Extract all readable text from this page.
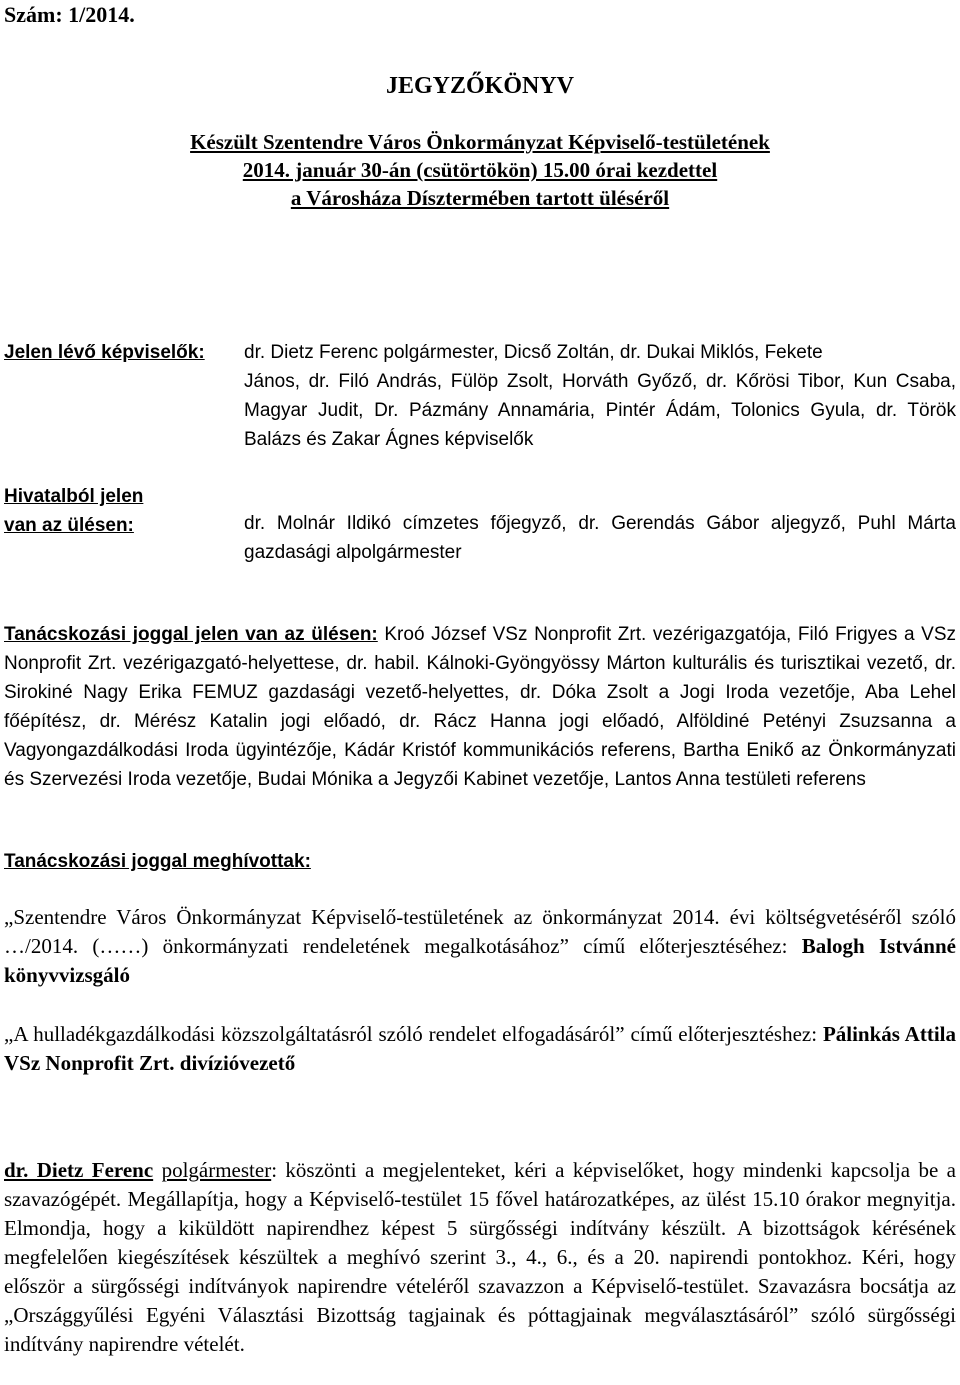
Szám: 1/2014.
JEGYZŐKÖNYV
Készült Szentendre Város Önkormányzat Képviselő-testületének
2014. január 30-án (csütörtökön) 15.00 órai kezdettel
a Városháza Dísztermében tartott üléséről
Jelen lévő képviselők: dr. Dietz Ferenc polgármester, Dicső Zoltán, dr. Dukai Miklós, Fekete
János, dr. Filó András, Fülöp Zsolt, Horváth Győző, dr. Kőrösi Tibor, Kun Csaba, Magyar Judit, Dr. Pázmány Annamária, Pintér Ádám, Tolonics Gyula, dr. Török Balázs és Zakar Ágnes képviselők
Hivatalból jelen
van az ülésen:	dr. Molnár Ildikó címzetes főjegyző, dr. Gerendás Gábor aljegyző, Puhl Márta gazdasági alpolgármester
Tanácskozási joggal jelen van az ülésen: Kroó József VSz Nonprofit Zrt. vezérigazgatója, Filó Frigyes a VSz Nonprofit Zrt. vezérigazgató-helyettese, dr. habil. Kálnoki-Gyöngyössy Márton kulturális és turisztikai vezető, dr. Sirokiné Nagy Erika FEMUZ gazdasági vezető-helyettes, dr. Dóka Zsolt a Jogi Iroda vezetője, Aba Lehel főépítész, dr. Mérész Katalin jogi előadó, dr. Rácz Hanna jogi előadó, Alföldiné Petényi Zsuzsanna a Vagyongazdálkodási Iroda ügyintézője, Kádár Kristóf kommunikációs referens, Bartha Enikő az Önkormányzati és Szervezési Iroda vezetője, Budai Mónika a Jegyzői Kabinet vezetője, Lantos Anna testületi referens
Tanácskozási joggal meghívottak:
„Szentendre Város Önkormányzat Képviselő-testületének az önkormányzat 2014. évi költségvetéséről szóló …/2014. (……) önkormányzati rendeletének megalkotásához” című előterjesztéséhez: Balogh Istvánné könyvvizsgáló
„A hulladékgazdálkodási közszolgáltatásról szóló rendelet elfogadásáról” című előterjesztéshez: Pálinkás Attila VSz Nonprofit Zrt. divízióvezető
dr. Dietz Ferenc polgármester: köszönti a megjelenteket, kéri a képviselőket, hogy mindenki kapcsolja be a szavazógépét. Megállapítja, hogy a Képviselő-testület 15 fővel határozatképes, az ülést 15.10 órakor megnyitja. Elmondja, hogy a kiküldött napirendhez képest 5 sürgősségi indítvány készült. A bizottságok kérésének megfelelően kiegészítések készültek a meghívó szerint 3., 4., 6., és a 20. napirendi pontokhoz. Kéri, hogy először a sürgősségi indítványok napirendre vételéről szavazzon a Képviselő-testület. Szavazásra bocsátja az „Országgyűlési Egyéni Választási Bizottság tagjainak és póttagjainak megválasztásáról” szóló sürgősségi indítvány napirendre vételét.
